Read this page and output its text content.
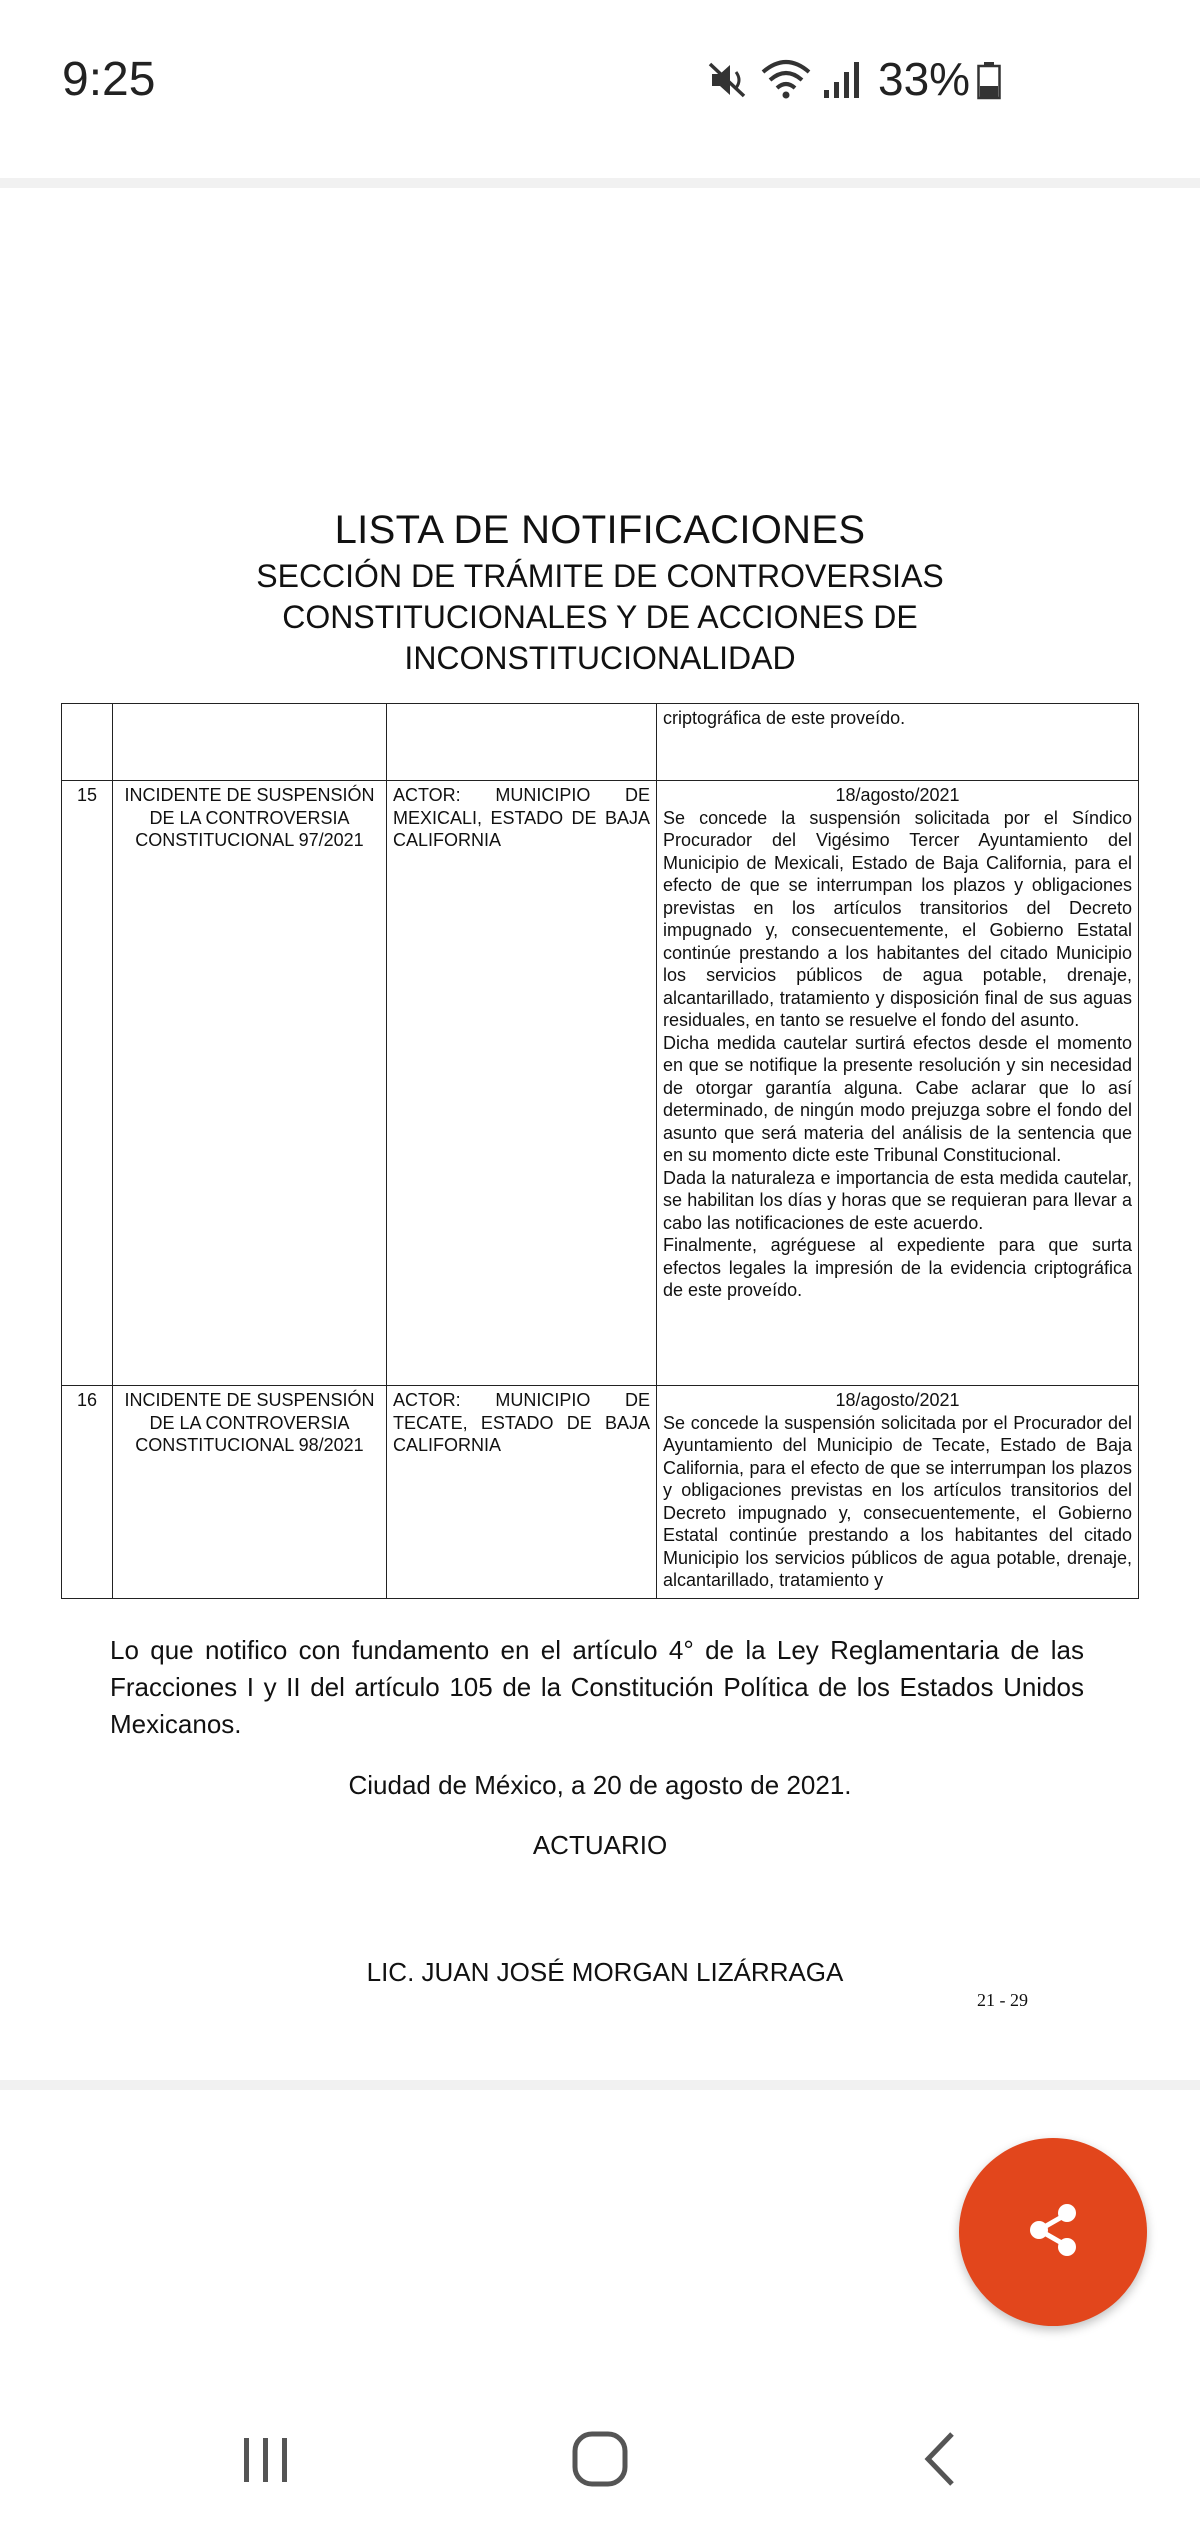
9:25	33%
LISTA DE NOTIFICACIONES
SECCIÓN DE TRÁMITE DE CONTROVERSIAS CONSTITUCIONALES Y DE ACCIONES DE INCONSTITUCIONALIDAD
			criptográfica de este proveído.
15	INCIDENTE DE SUSPENSIÓN DE LA CONTROVERSIA CONSTITUCIONAL 97/2021	ACTOR: MUNICIPIO DE MEXICALI, ESTADO DE BAJA CALIFORNIA	18/agosto/2021
Se concede la suspensión solicitada por el Síndico Procurador del Vigésimo Tercer Ayuntamiento del Municipio de Mexicali, Estado de Baja California, para el efecto de que se interrumpan los plazos y obligaciones previstas en los artículos transitorios del Decreto impugnado y, consecuentemente, el Gobierno Estatal continúe prestando a los habitantes del citado Municipio los servicios públicos de agua potable, drenaje, alcantarillado, tratamiento y disposición final de sus aguas residuales, en tanto se resuelve el fondo del asunto.
Dicha medida cautelar surtirá efectos desde el momento en que se notifique la presente resolución y sin necesidad de otorgar garantía alguna. Cabe aclarar que lo así determinado, de ningún modo prejuzga sobre el fondo del asunto que será materia del análisis de la sentencia que en su momento dicte este Tribunal Constitucional.
Dada la naturaleza e importancia de esta medida cautelar, se habilitan los días y horas que se requieran para llevar a cabo las notificaciones de este acuerdo.
Finalmente, agréguese al expediente para que surta efectos legales la impresión de la evidencia criptográfica de este proveído.

16	INCIDENTE DE SUSPENSIÓN DE LA CONTROVERSIA CONSTITUCIONAL 98/2021	ACTOR: MUNICIPIO DE TECATE, ESTADO DE BAJA CALIFORNIA	18/agosto/2021
Se concede la suspensión solicitada por el Procurador del Ayuntamiento del Municipio de Tecate, Estado de Baja California, para el efecto de que se interrumpan los plazos y obligaciones previstas en los artículos transitorios del Decreto impugnado y, consecuentemente, el Gobierno Estatal continúe prestando a los habitantes del citado Municipio los servicios públicos de agua potable, drenaje, alcantarillado, tratamiento y
Lo que notifico con fundamento en el artículo 4° de la Ley Reglamentaria de las Fracciones I y II del artículo 105 de la Constitución Política de los Estados Unidos Mexicanos.
Ciudad de México, a 20 de agosto de 2021.
ACTUARIO
LIC. JUAN JOSÉ MORGAN LIZÁRRAGA
21 - 29
